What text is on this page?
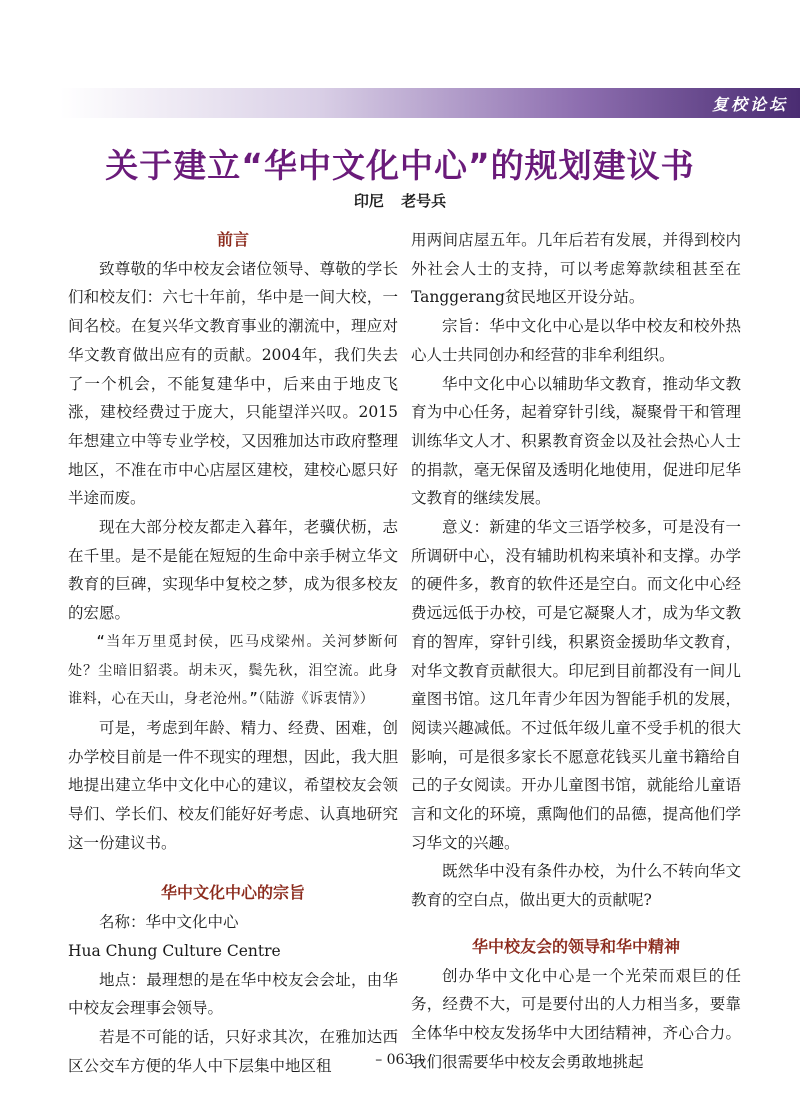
复校论坛
关于建立“华中文化中心”的规划建议书
印尼 老号兵
前言

致尊敬的华中校友会诸位领导、尊敬的学长们和校友们：六七十年前，华中是一间大校，一间名校。在复兴华文教育事业的潮流中，理应对华文教育做出应有的贡献。2004年，我们失去了一个机会，不能复建华中，后来由于地皮飞涨，建校经费过于庞大，只能望洋兴叹。2015年想建立中等专业学校，又因雅加达市政府整理地区，不准在市中心店屋区建校，建校心愿只好半途而废。

现在大部分校友都走入暮年，老骥伏枥，志在千里。是不是能在短短的生命中亲手树立华文教育的巨碑，实现华中复校之梦，成为很多校友的宏愿。

“当年万里觅封侯，匹马戍梁州。关河梦断何处？尘暗旧貂裘。胡未灭，鬓先秋，泪空流。此身谁料，心在天山，身老沧州。”（陆游《诉衷情》）

可是，考虑到年龄、精力、经费、困难，创办学校目前是一件不现实的理想，因此，我大胆地提出建立华中文化中心的建议，希望校友会领导们、学长们、校友们能好好考虑、认真地研究这一份建议书。

华中文化中心的宗旨

名称：华中文化中心

Hua Chung Culture Centre

地点：最理想的是在华中校友会会址，由华中校友会理事会领导。

若是不可能的话，只好求其次，在雅加达西区公交车方便的华人中下层集中地区租

用两间店屋五年。几年后若有发展，并得到校内外社会人士的支持，可以考虑筹款续租甚至在Tanggerang贫民地区开设分站。

宗旨：华中文化中心是以华中校友和校外热心人士共同创办和经营的非牟利组织。

华中文化中心以辅助华文教育，推动华文教育为中心任务，起着穿针引线，凝聚骨干和管理训练华文人才、积累教育资金以及社会热心人士的捐款，毫无保留及透明化地使用，促进印尼华文教育的继续发展。

意义：新建的华文三语学校多，可是没有一所调研中心，没有辅助机构来填补和支撑。办学的硬件多，教育的软件还是空白。而文化中心经费远远低于办校，可是它凝聚人才，成为华文教育的智库，穿针引线，积累资金援助华文教育，对华文教育贡献很大。印尼到目前都没有一间儿童图书馆。这几年青少年因为智能手机的发展，阅读兴趣减低。不过低年级儿童不受手机的很大影响，可是很多家长不愿意花钱买儿童书籍给自己的子女阅读。开办儿童图书馆，就能给儿童语言和文化的环境，熏陶他们的品德，提高他们学习华文的兴趣。

既然华中没有条件办校，为什么不转向华文教育的空白点，做出更大的贡献呢?

华中校友会的领导和华中精神

创办华中文化中心是一个光荣而艰巨的任务，经费不大，可是要付出的人力相当多，要靠全体华中校友发扬华中大团结精神，齐心合力。我们很需要华中校友会勇敢地挑起

– 063 –
